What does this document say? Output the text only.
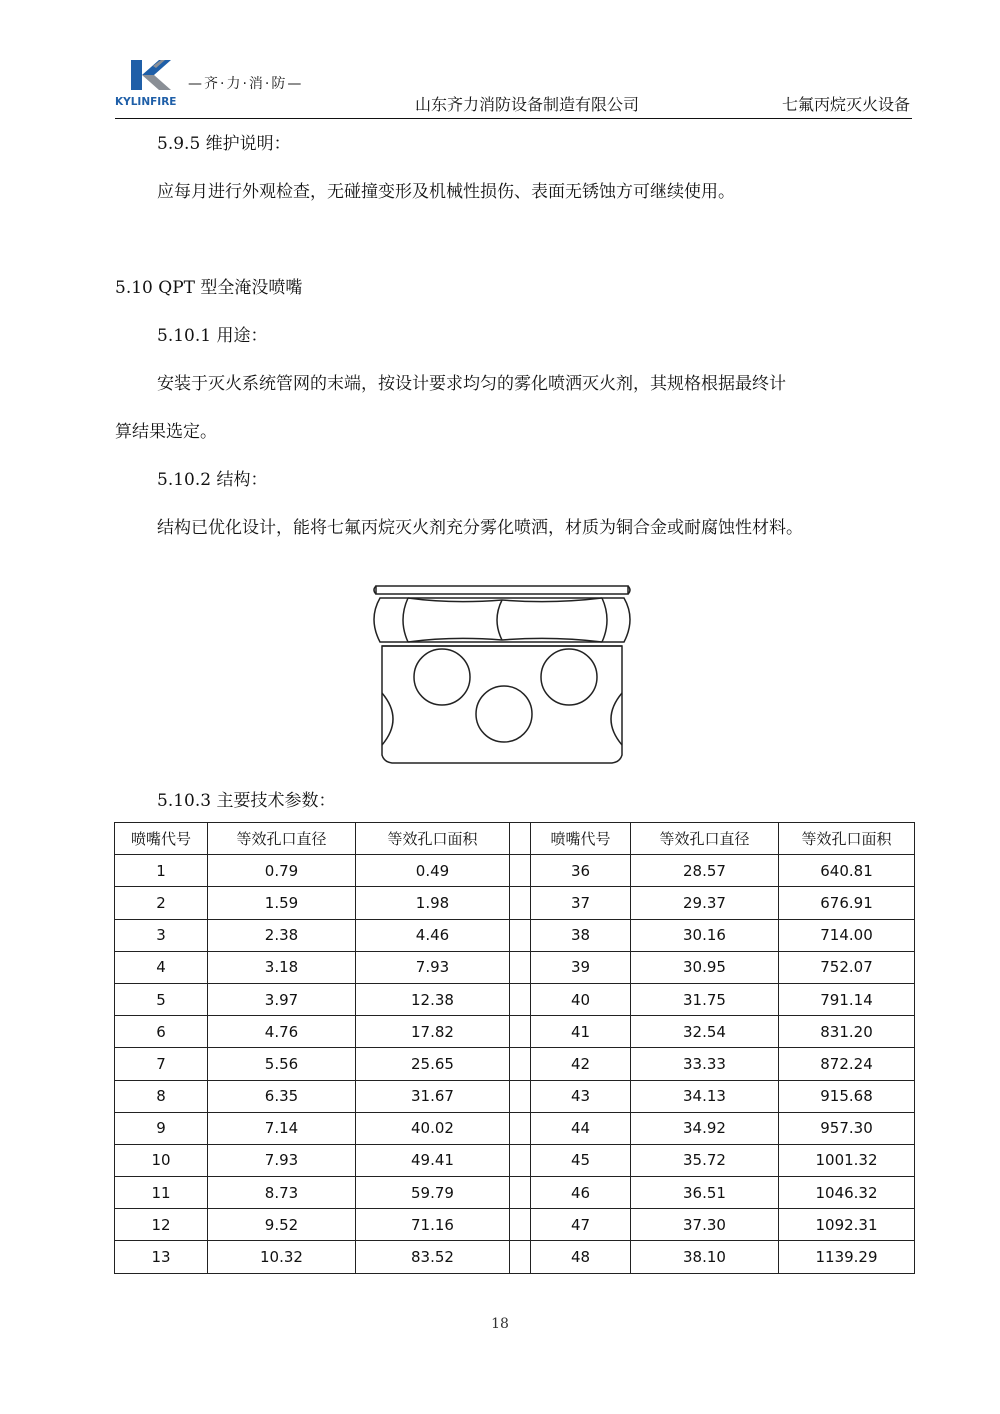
KYLINFIRE
—齐·力·消·防—
山东齐力消防设备制造有限公司	七氟丙烷灭火设备
5.9.5 维护说明：
应每月进行外观检查，无碰撞变形及机械性损伤、表面无锈蚀方可继续使用。
5.10 QPT 型全淹没喷嘴
5.10.1 用途：
安装于灭火系统管网的末端，按设计要求均匀的雾化喷洒灭火剂，其规格根据最终计
算结果选定。
5.10.2 结构：
结构已优化设计，能将七氟丙烷灭火剂充分雾化喷洒，材质为铜合金或耐腐蚀性材料。
5.10.3 主要技术参数：
喷嘴代号	等效孔口直径	等效孔口面积		喷嘴代号	等效孔口直径	等效孔口面积
1	0.79	0.49		36	28.57	640.81
2	1.59	1.98		37	29.37	676.91
3	2.38	4.46		38	30.16	714.00
4	3.18	7.93		39	30.95	752.07
5	3.97	12.38		40	31.75	791.14
6	4.76	17.82		41	32.54	831.20
7	5.56	25.65		42	33.33	872.24
8	6.35	31.67		43	34.13	915.68
9	7.14	40.02		44	34.92	957.30
10	7.93	49.41		45	35.72	1001.32
11	8.73	59.79		46	36.51	1046.32
12	9.52	71.16		47	37.30	1092.31
13	10.32	83.52		48	38.10	1139.29
18
